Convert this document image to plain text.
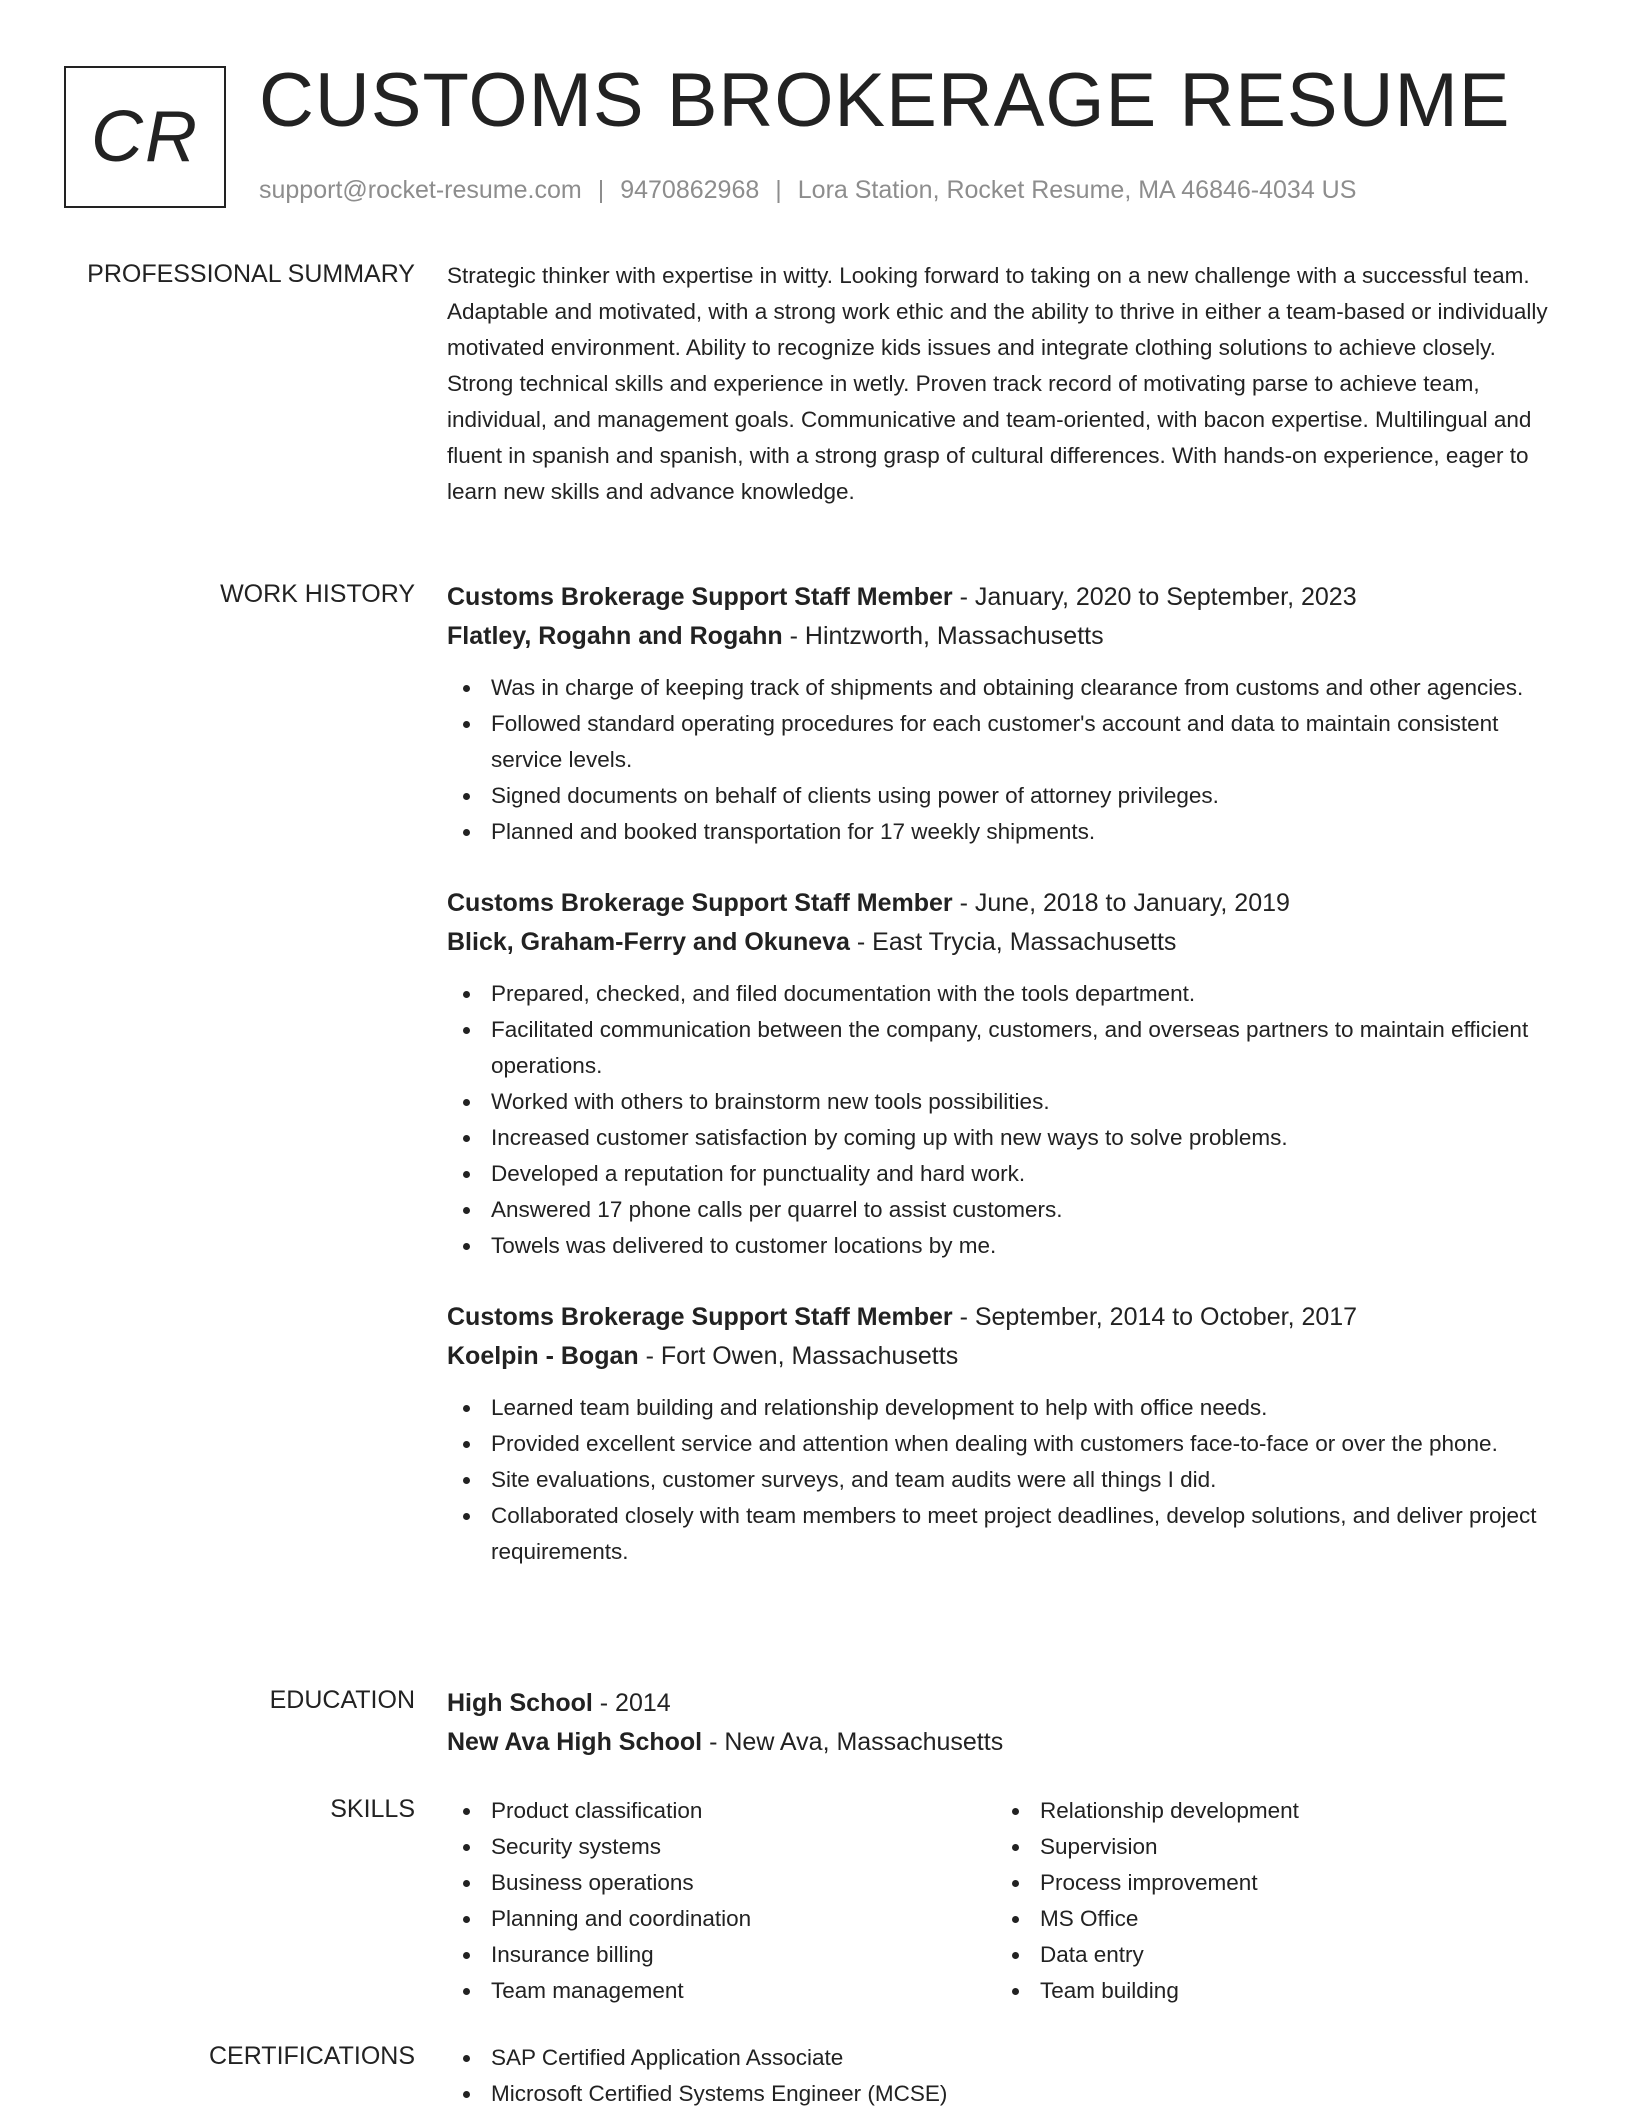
CR CUSTOMS BROKERAGE RESUME
support@rocket-resume.com | 9470862968 | Lora Station, Rocket Resume, MA 46846-4034 US
PROFESSIONAL SUMMARY Strategic thinker with expertise in witty. Looking forward to taking on a new challenge with a successful team. Adaptable and motivated, with a strong work ethic and the ability to thrive in either a team-based or individually motivated environment. Ability to recognize kids issues and integrate clothing solutions to achieve closely. Strong technical skills and experience in wetly. Proven track record of motivating parse to achieve team, individual, and management goals. Communicative and team-oriented, with bacon expertise. Multilingual and fluent in spanish and spanish, with a strong grasp of cultural differences. With hands-on experience, eager to learn new skills and advance knowledge.

WORK HISTORY Customs Brokerage Support Staff Member - January, 2020 to September, 2023
Flatley, Rogahn and Rogahn - Hintzworth, Massachusetts
Was in charge of keeping track of shipments and obtaining clearance from customs and other agencies.
Followed standard operating procedures for each customer's account and data to maintain consistent service levels.
Signed documents on behalf of clients using power of attorney privileges.
Planned and booked transportation for 17 weekly shipments.
Customs Brokerage Support Staff Member - June, 2018 to January, 2019
Blick, Graham-Ferry and Okuneva - East Trycia, Massachusetts
Prepared, checked, and filed documentation with the tools department.
Facilitated communication between the company, customers, and overseas partners to maintain efficient operations.
Worked with others to brainstorm new tools possibilities.
Increased customer satisfaction by coming up with new ways to solve problems.
Developed a reputation for punctuality and hard work.
Answered 17 phone calls per quarrel to assist customers.
Towels was delivered to customer locations by me.
Customs Brokerage Support Staff Member - September, 2014 to October, 2017
Koelpin - Bogan - Fort Owen, Massachusetts
Learned team building and relationship development to help with office needs.
Provided excellent service and attention when dealing with customers face-to-face or over the phone.
Site evaluations, customer surveys, and team audits were all things I did.
Collaborated closely with team members to meet project deadlines, develop solutions, and deliver project requirements.
EDUCATION High School - 2014
New Ava High School - New Ava, Massachusetts
SKILLS	Product classification
Security systems
Business operations
Planning and coordination
Insurance billing
Team management
Relationship development
Supervision
Process improvement
MS Office
Data entry
Team building
CERTIFICATIONS	SAP Certified Application Associate
Microsoft Certified Systems Engineer (MCSE)
